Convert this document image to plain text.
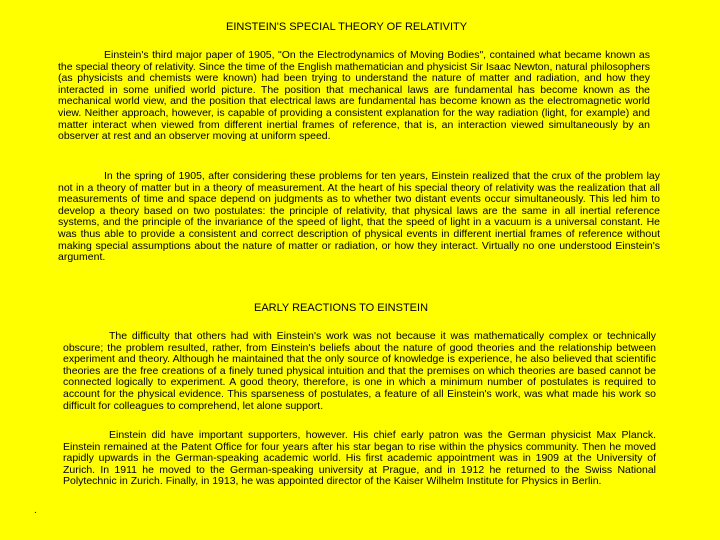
EINSTEIN'S SPECIAL THEORY OF RELATIVITY
Einstein's third major paper of 1905, "On the Electrodynamics of Moving Bodies", contained what became known as the special theory of relativity. Since the time of the English mathematician and physicist Sir Isaac Newton, natural philosophers (as physicists and chemists were known) had been trying to understand the nature of matter and radiation, and how they interacted in some unified world picture. The position that mechanical laws are fundamental has become known as the mechanical world view, and the position that electrical laws are fundamental has become known as the electromagnetic world view. Neither approach, however, is capable of providing a consistent explanation for the way radiation (light, for example) and matter interact when viewed from different inertial frames of reference, that is, an interaction viewed simultaneously by an observer at rest and an observer moving at uniform speed.
In the spring of 1905, after considering these problems for ten years, Einstein realized that the crux of the problem lay not in a theory of matter but in a theory of measurement. At the heart of his special theory of relativity was the realization that all measurements of time and space depend on judgments as to whether two distant events occur simultaneously. This led him to develop a theory based on two postulates: the principle of relativity, that physical laws are the same in all inertial reference systems, and the principle of the invariance of the speed of light, that the speed of light in a vacuum is a universal constant. He was thus able to provide a consistent and correct description of physical events in different inertial frames of reference without making special assumptions about the nature of matter or radiation, or how they interact. Virtually no one understood Einstein's argument.
EARLY REACTIONS TO EINSTEIN
The difficulty that others had with Einstein's work was not because it was mathematically complex or technically obscure; the problem resulted, rather, from Einstein's beliefs about the nature of good theories and the relationship between experiment and theory. Although he maintained that the only source of knowledge is experience, he also believed that scientific theories are the free creations of a finely tuned physical intuition and that the premises on which theories are based cannot be connected logically to experiment. A good theory, therefore, is one in which a minimum number of postulates is required to account for the physical evidence. This sparseness of postulates, a feature of all Einstein's work, was what made his work so difficult for colleagues to comprehend, let alone support.
Einstein did have important supporters, however. His chief early patron was the German physicist Max Planck. Einstein remained at the Patent Office for four years after his star began to rise within the physics community. Then he moved rapidly upwards in the German-speaking academic world. His first academic appointment was in 1909 at the University of Zurich. In 1911 he moved to the German-speaking university at Prague, and in 1912 he returned to the Swiss National Polytechnic in Zurich. Finally, in 1913, he was appointed director of the Kaiser Wilhelm Institute for Physics in Berlin.
.
